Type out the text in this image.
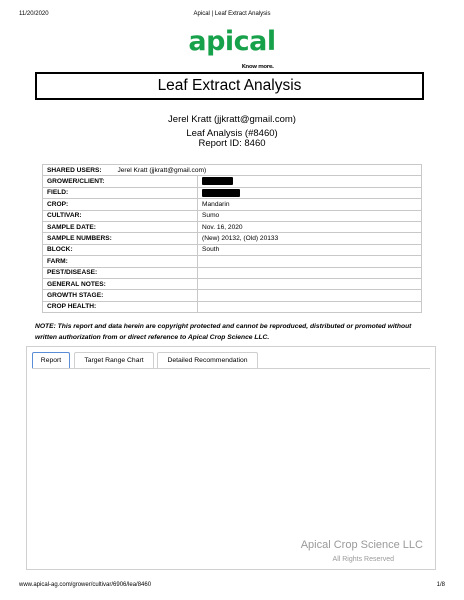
11/20/2020	Apical | Leaf Extract Analysis
apical
Know more.
Leaf Extract Analysis
Jerel Kratt (jjkratt@gmail.com)
Leaf Analysis (#8460)
Report ID: 8460
SHARED USERS: Jerel Kratt (jjkratt@gmail.com)	
GROWER/CLIENT:	
FIELD:	
CROP:	Mandarin
CULTIVAR:	Sumo
SAMPLE DATE:	Nov. 16, 2020
SAMPLE NUMBERS:	(New) 20132, (Old) 20133
BLOCK:	South
FARM:	
PEST/DISEASE:	
GENERAL NOTES:	
GROWTH STAGE:	
CROP HEALTH:	
NOTE: This report and data herein are copyright protected and cannot be reproduced, distributed or promoted without written authorization from or direct reference to Apical Crop Science LLC.
Report	Target Range Chart	Detailed Recommendation
Apical Crop Science LLC
All Rights Reserved
www.apical-ag.com/grower/cultivar/6906/lea/8460	1/8
